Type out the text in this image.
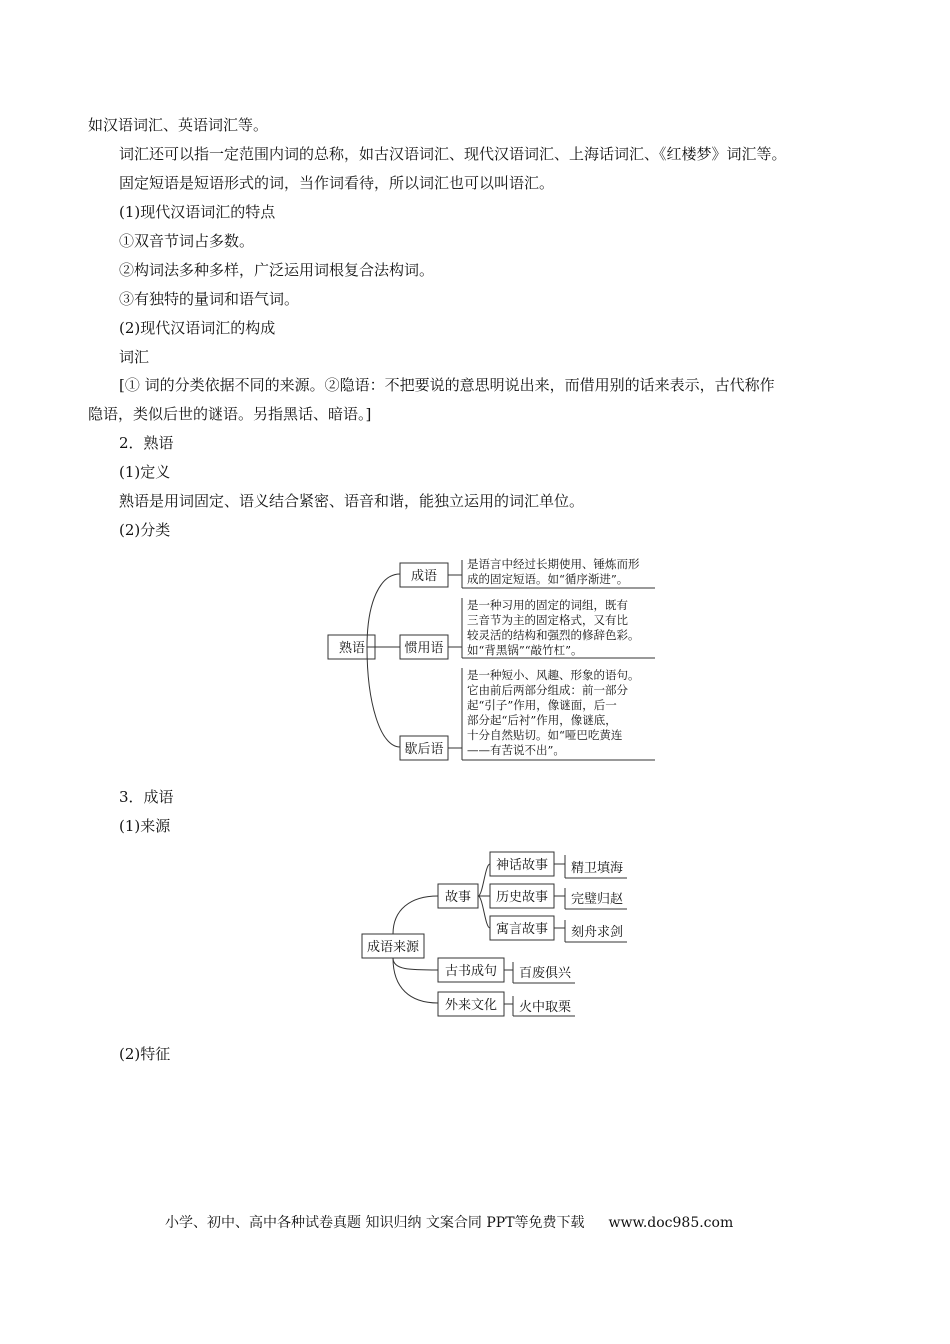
如汉语词汇、英语词汇等。
词汇还可以指一定范围内词的总称，如古汉语词汇、现代汉语词汇、上海话词汇、《红楼梦》词汇等。
固定短语是短语形式的词，当作词看待，所以词汇也可以叫语汇。
(1)现代汉语词汇的特点
①双音节词占多数。
②构词法多种多样，广泛运用词根复合法构词。
③有独特的量词和语气词。
(2)现代汉语词汇的构成
词汇
[① 词的分类依据不同的来源。②隐语：不把要说的意思明说出来，而借用别的话来表示，古代称作
隐语，类似后世的谜语。另指黑话、暗语。]
2．熟语
(1)定义
熟语是用词固定、语义结合紧密、语音和谐，能独立运用的词汇单位。
(2)分类
熟语
成语
惯用语
歇后语
是语言中经过长期使用、锤炼而形
成的固定短语。如“循序渐进”。
是一种习用的固定的词组，既有
三音节为主的固定格式，又有比
较灵活的结构和强烈的修辞色彩。
如“背黑锅”“敲竹杠”。
是一种短小、风趣、形象的语句。
它由前后两部分组成：前一部分
起“引子”作用，像谜面，后一
部分起“后衬”作用，像谜底，
十分自然贴切。如“哑巴吃黄连
——有苦说不出”。
3．成语
(1)来源
成语来源
故事
神话故事
历史故事
寓言故事
精卫填海
完璧归赵
刻舟求剑
古书成句
外来文化
百废俱兴
火中取栗
(2)特征
小学、初中、高中各种试卷真题 知识归纳 文案合同 PPT等免费下载 www.doc985.com
